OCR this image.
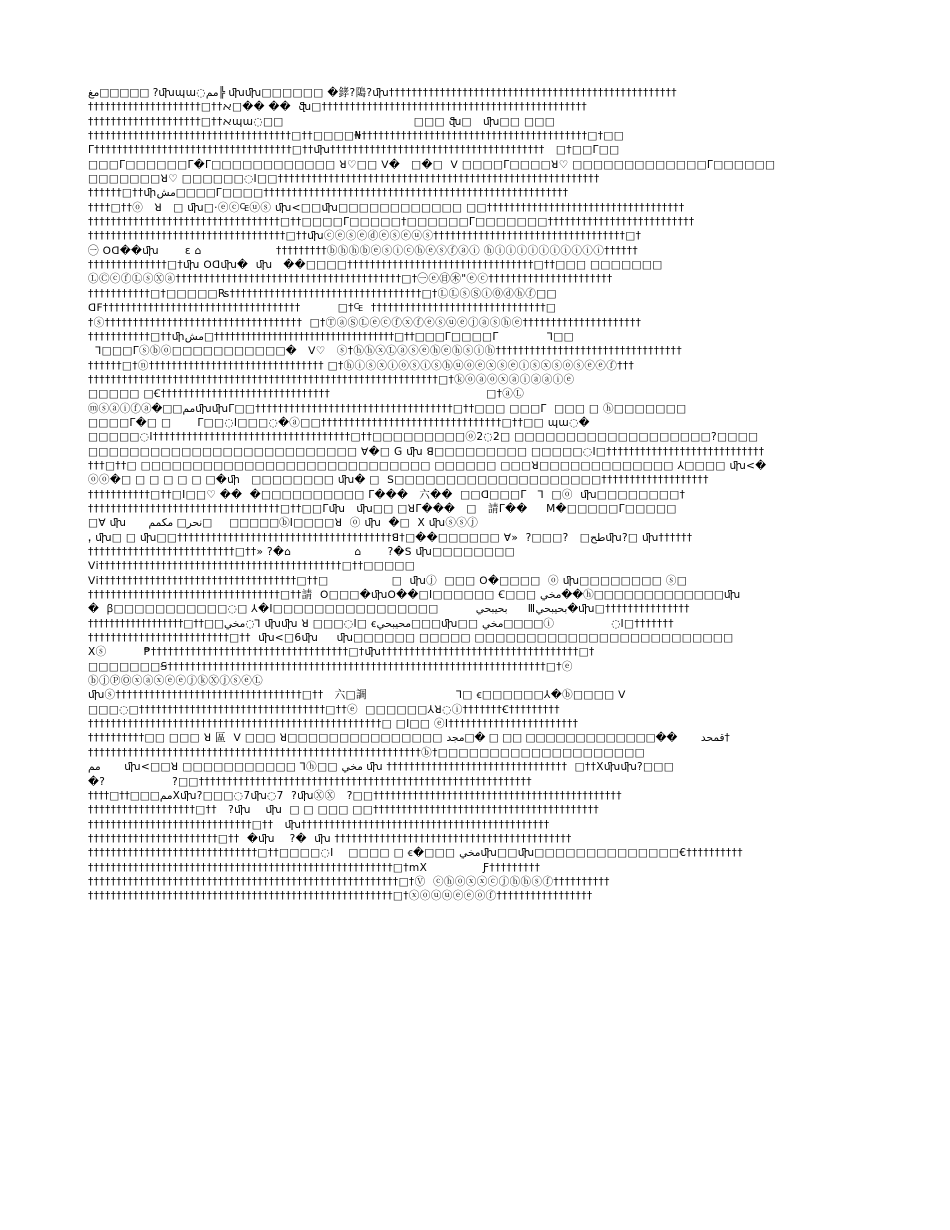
مغ□□□□□ ?ﬗɰɯ◌مم╠ ﬗﬗ□□□□□□ �﨧?﨩?ﬗ†††††††††††††††††††††††††††††††††††††††††††††††††††
††††††††††††††††††††□††ﬡ□�� ��  ﬖ□†††††††††††††††††††††††††††††††††††††††††††††††
††††††††††††††††††††□††ﬡɰɯ◌□□                                   □□□ ﬖ□   ﬗ□□ □□□
††††††††††††††††††††††††††††††††††††□††□□□□₦††††††††††††††††††††††††††††††††††††††††□†□□
Γ†††††††††††††††††††††††††††††††††††□††ﬗ††††††††††††††††††††††††††††††††††††††   □†□□Γ□□
□□□Γ□□□□□□Γ�Γ□□□□□□□□□□□□ ꓤ♡□□ ꓦ�   □�□  ꓦ □□□□Γ□□□□ꓤ♡ □□□□□□□□□□□□□Γ□□□□□□
□□□□□□□ꓤ♡ □□□□□□◌Ι□□†††††††††††††††††††††††††††††††††††††††††††††††††††††††††
††††††□††ﬕمش□□□□Γ□□□□††††††††††††††††††††††††††††††††††††††††††††††††††††††
††††□††ⓞ   ꓤ   □ ﬗ□·ⓔⓒ₠ⓤⓢ ﬗ<□□ﬗ□□□□□□□□□□□□ □□†††††††††††††††††††††††††††††††††††
††††††††††††††††††††††††††††††††††□††□□□□Γ□□□□□†□□□□□□Γ□□□□□□□††††††††††††††††††††††††††
†††††††††††††††††††††††††††††††††††□††ﬗⓒⓔⓢⓔⓓⓔⓢⓔⓤⓢ††††††††††††††††††††††††††††††††††□†
㊀ ꓳꓷ��ﬗ       ε ⌂                    †††††††††ⓑⓗⓗⓑⓔⓢⓘⓒⓗⓔⓢⓕⓐⓘ ⓗⓘⓘⓘⓘⓘⓘⓘⓘⓘⓘ††††††
††††††††††††††□†ﬗ ꓳꓷﬗ�  ﬗ   ��□□□□†††††††††††††††††††††††††††††††††□††□□□ □□□□□□□
ⓁⒸⓒⓕⓁⓢⓍⓐ††††††††††††††††††††††††††††††††††††††††□†㊀ⓔ㊐㊍"ⓔⓒ††††††††††††††††††††††
†††††††††††□†□□□□□₨††††††††††††††††††††††††††††††††††□†ⓁⓁⓢⓈⓘ⓪ⓓⓗⓕ□□
ꓷꓝ†††††††††††††††††††††††††††††††††††          □†₠  †††††††††††††††††††††††††††††††□
†ⓢ†††††††††††††††††††††††††††††††††††  □†ⓉⓐⓈⓁⓔⓒⓕⓧⓕⓔⓢⓤⓔⓙⓐⓢⓗⓔ†††††††††††††††††††††
†††††††††††□††ﬕمش□††††††††††††††††††††††††††††††††††□††□□□Γ□□□□Γ             ꓶ□□
ꓶ□□□Γⓢⓑⓞ□□□□□□□□□□□�   ꓦ♡   ⓢ†ⓗⓗⓧⓁⓐⓢⓔⓗⓔⓗⓢⓘⓗ†††††††††††††††††††††††††††††††††
††††††□†ⓝ††††††††††††††††††††††††††††††† □†ⓗⓘⓢⓧⓘⓞⓢⓘⓢⓗⓤⓞⓔⓧⓢⓔⓘⓢⓧⓢⓞⓢⓔⓔⓕ†††
††††††††††††††††††††††††††††††††††††††††††††††††††††††††††††††□†ⓚⓞⓐⓞⓧⓐⓘⓐⓐⓘⓔ
□□□□□ □Ꞓ††††††††††††††††††††††††††††††                                          □†ⓐⓁ
ⓜⓢⓐⓘⓕⓐ�□□ممﬗﬗΓ□□†††††††††††††††††††††††††††††††††††□††□□□ □□□Γ  □□□ □ ⓗ□□□□□□□
□□□□Γ�□ □       Γ□□◌Ι□□□◌�ⓐ□□††††††††††††††††††††††††††††††††□††□□ ɰɯ◌�
□□□□□◌Ι†††††††††††††††††††††††††††††††††††□††□□□□□□□□□ⓞ2◌2□ □□□□□□□□□□□□□□□□□□□?□□□□
□□□□□□□□□□□□□□□□□□□□□□□□□□ ꓯ�□ G ﬗ ꓭ□□□□□□□□□ □□□□□◌Ι□††††††††††††††††††††††††††††
†††□††□ □□□□□□□□□□□□□□□□□□□□□□□□□□□□ □□□□□□ □□□ꓤ□□□□□□□□□□□□□ ⅄□□□□ ﬗ<�
ⓞⓞ�□ □ □ □ □ □ □�ﬕ   □□□□□□□□ ﬗ� □  ꓢ□□□□□□□□□□□□□□□□□□□□†††††††††††††††††††
†††††††††††□††□Ι□□♡ ��  �□□□□□□□□□□ Γ���   六��  □□ꓷ□□□Γ   ꓶ  □ⓞ  ﬗ□□□□□□□□†
††††††††††††††††††††††††††††††††††□††□□Γﬗ   ﬗ□□ □ꓤΓ���   □   請Γ��     M�□□□□□Γ□□□□□
□ꓯ ﬗ      نحر□ مكمم□     □□□□□ⓑΙ□□□□ꓤ  ⓞ ﬗ  �□  X ﬗⓢⓢⓙ
ꓹ ﬗ□ □ ﬗ□□††††††††††††††††††††††††††††††††††††††ꓭ†□��□□□□□□ ꓯ»  ?□□□?   □طحﬗ?□ ﬗ††††††
††††††††††††††††††††††††††□††» ?�⌂                 ⌂       ?�ꓢ ﬗ□□□□□□□□
ꓦi†††††††††††††††††††††††††††††††††††††††††††□††□□□□□
ꓦi†††††††††††††††††††††††††††††††††††□††□                 □  ﬗⓙ  □□□ ꓳ�□□□□  ⓞ ﬗ□□□□□□□□ ⓢ□
††††††††††††††††††††††††††††††††††□††請  ꓳ□□□�ﬗꓳ��□Ι□□□□□□ Ꞓ□□□ مخي��ⓗ□□□□□□□□□□□□□ﬗ
�  ꞵ□□□□□□□□□□□◌□ ⅄�Ι□□□□□□□□□□□□□□□□          بحيبحي      Ⅲبحيبحي�ﬗ□†††††††††††††††
††††††††††††††††††□††□□مخي◌ꓶ ﬗﬗ ꓤ □□□◌Ι□ ꞓمحيبحي□□□ﬗ□□ مخي□□□□ⓘ                 ◌Ι□†††††††
†††††††††††††††††††††††††□††  ﬗ<□6ﬗ     ﬗ□□□□□□ □□□□□ □□□□□□□□□□□□□□□□□□□□□□□□□
Ⅹⓢ          ₱†††††††††††††††††††††††††††††††††††□†ﬗ†††††††††††††††††††††††††††††††††††□†
□□□□□□□Ꞩ†††††††††††††††††††††††††††††††††††††††††††††††††††††††††††††††††††□†ⓔ
ⓑⓙⓅⓄⓧⓐⓧⓔⓔⓙⓚⓍⓙⓢⓔⓁ
ﬗⓢ†††††††††††††††††††††††††††††††††□††   六□調                        ꓶ□ ꞓ□□□□□□⅄�ⓑ□□□□ ꓦ
□□□◌□†††††††††††††††††††††††††††††††††□††ⓔ  □□□□□□⅄ꓤ◌ⓘ†††††††Ꞓ†††††††††
††††††††††††††††††††††††††††††††††††††††††††††††††††□ □Ι□□ ⓔΙ†††††††††††††††††††††††
††††††††††□□ □□□ ꓤ 區  ꓦ □□□ ꓤ□□□□□□□□□□□□□□□ قمحد       ��□□□□□□□□□□□□□ □□ □ �□مجد†
†††††††††††††††††††††††††††††††††††††††††††††††††††††††††††ⓑ†□□□□□□□□□□□□□□□□□□□□
مم       ﬗ<□□ꓤ □□□□□□□□□□□ ꓶⓗ□□ مخي ﬗ ††††††††††††††††††††††††††††††††  □††Xﬗﬗ?□□□
�?                  ?□□†††††††††††††††††††††††††††††††††††††††††††††††††††††††††††
††††□††□□□ممXﬗ?□□□◌7ﬗ◌7  ?ﬗⓍⓍ   ?□□††††††††††††††††††††††††††††††††††††††††††††
†††††††††††††††††††□††   ?ﬗ    ﬗ  □ □ □□□ □□††††††††††††††††††††††††††††††††††††††††
†††††††††††††††††††††††††††††□††   ﬗ††††††††††††††††††††††††††††††††††††††††††††
†††††††††††††††††††††††□††  �ﬗ    ?�  ﬗ ††††††††††††††††††††††††††††††††††††††††††
††††††††††††††††††††††††††††††□††□□□□◌Ι    □□□□ □ ꞓ�□□□ مخيﬗ□□ﬗ□□□□□□□□□□□□□□€††††††††††
††††††††††††††††††††††††††††††††††††††††††††††††††††††□†ⅿⅩ               Ƒ†††††††††
†††††††††††††††††††††††††††††††††††††††††††††††††††††††□†Ⓥ  ⓒⓗⓞⓧⓧⓒⓙⓗⓗⓢⓕ††††††††††
††††††††††††††††††††††††††††††††††††††††††††††††††††††□†ⓧⓞⓤⓤⓔⓔⓞⓕ†††††††††††††††††
